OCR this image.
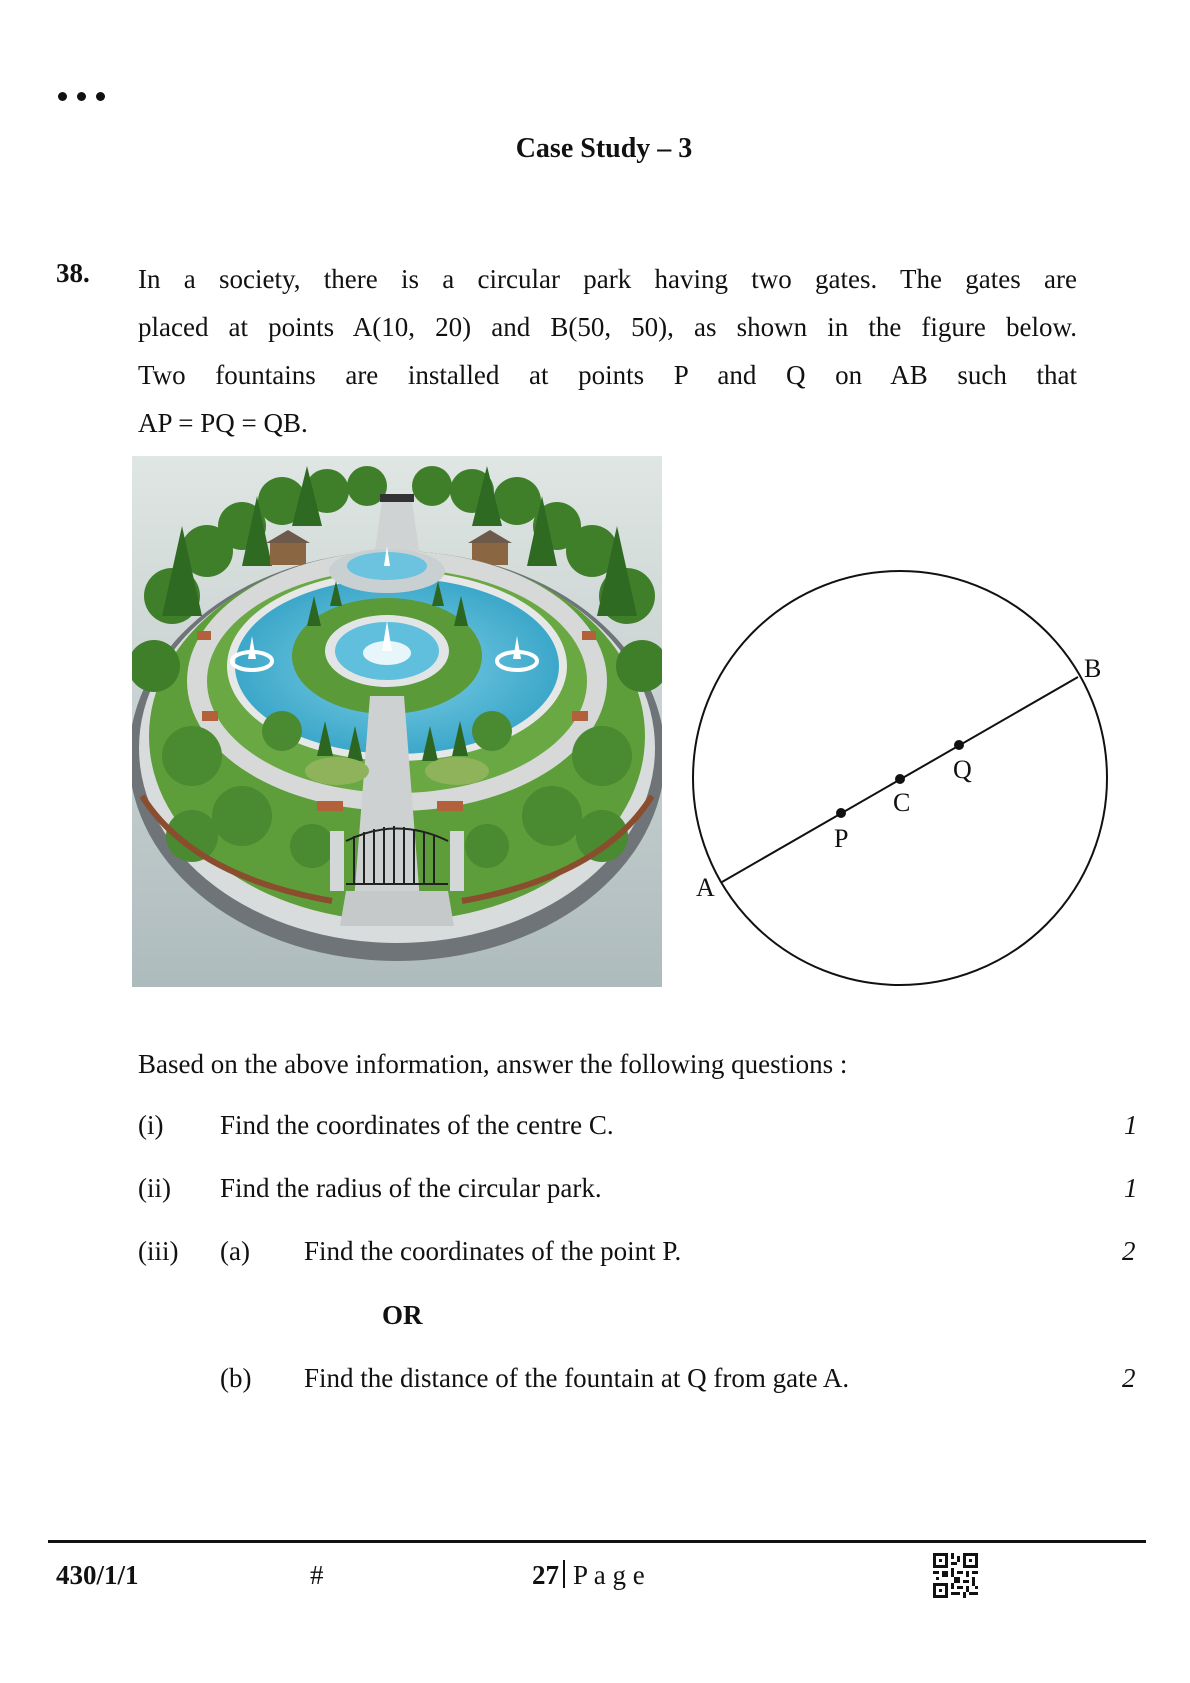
Case Study – 3
38. In a society, there is a circular park having two gates. The gates are
placed at points A(10, 20) and B(50, 50), as shown in the figure below.
Two fountains are installed at points P and Q on AB such that
AP = PQ = QB.
A
B
P
C
Q
Based on the above information, answer the following questions :
(i) Find the coordinates of the centre C.	1
(ii) Find the radius of the circular park.	1
(iii) (a) Find the coordinates of the point P.	2
OR
(b) Find the distance of the fountain at Q from gate A.	2
430/1/1	#	27 P a g e
